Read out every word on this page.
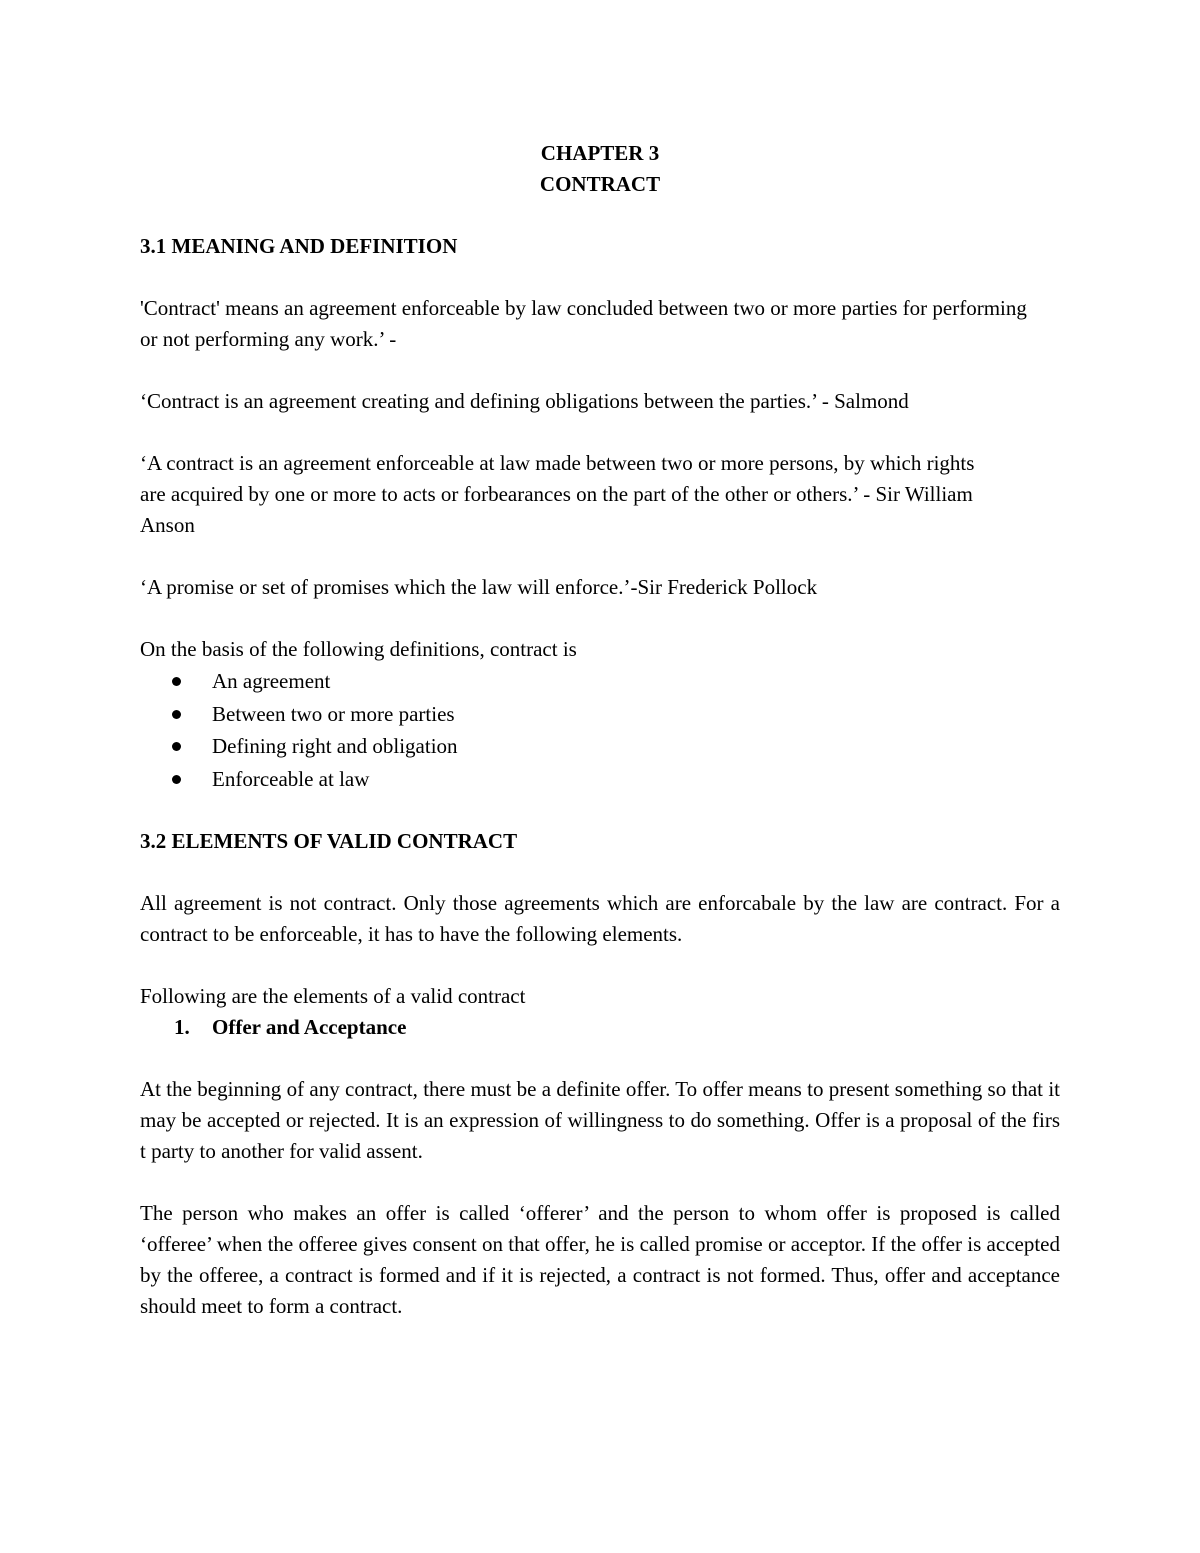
CHAPTER 3

CONTRACT

3.1 MEANING AND DEFINITION

'Contract' means an agreement enforceable by law concluded between two or more parties for performing

or not performing any work.’ -

‘Contract is an agreement creating and defining obligations between the parties.’ - Salmond

‘A contract is an agreement enforceable at law made between two or more persons, by which rights

are acquired by one or more to acts or forbearances on the part of the other or others.’ - Sir William

Anson

‘A promise or set of promises which the law will enforce.’-Sir Frederick Pollock

On the basis of the following definitions, contract is

An agreement
Between two or more parties
Defining right and obligation
Enforceable at law

3.2 ELEMENTS OF VALID CONTRACT

All agreement is not contract. Only those agreements which are enforcabale by the law are contract. For a contract to be enforceable, it has to have the following elements.

Following are the elements of a valid contract

1. Offer and Acceptance

At the beginning of any contract, there must be a definite offer. To offer means to present something so that it may be accepted or rejected. It is an expression of willingness to do something. Offer is a proposal of the firs t party to another for valid assent.

The person who makes an offer is called ‘offerer’ and the person to whom offer is proposed is called ‘offeree’ when the offeree gives consent on that offer, he is called promise or acceptor. If the offer is accepted by the offeree, a contract is formed and if it is rejected, a contract is not formed. Thus, offer and acceptance should meet to form a contract.
